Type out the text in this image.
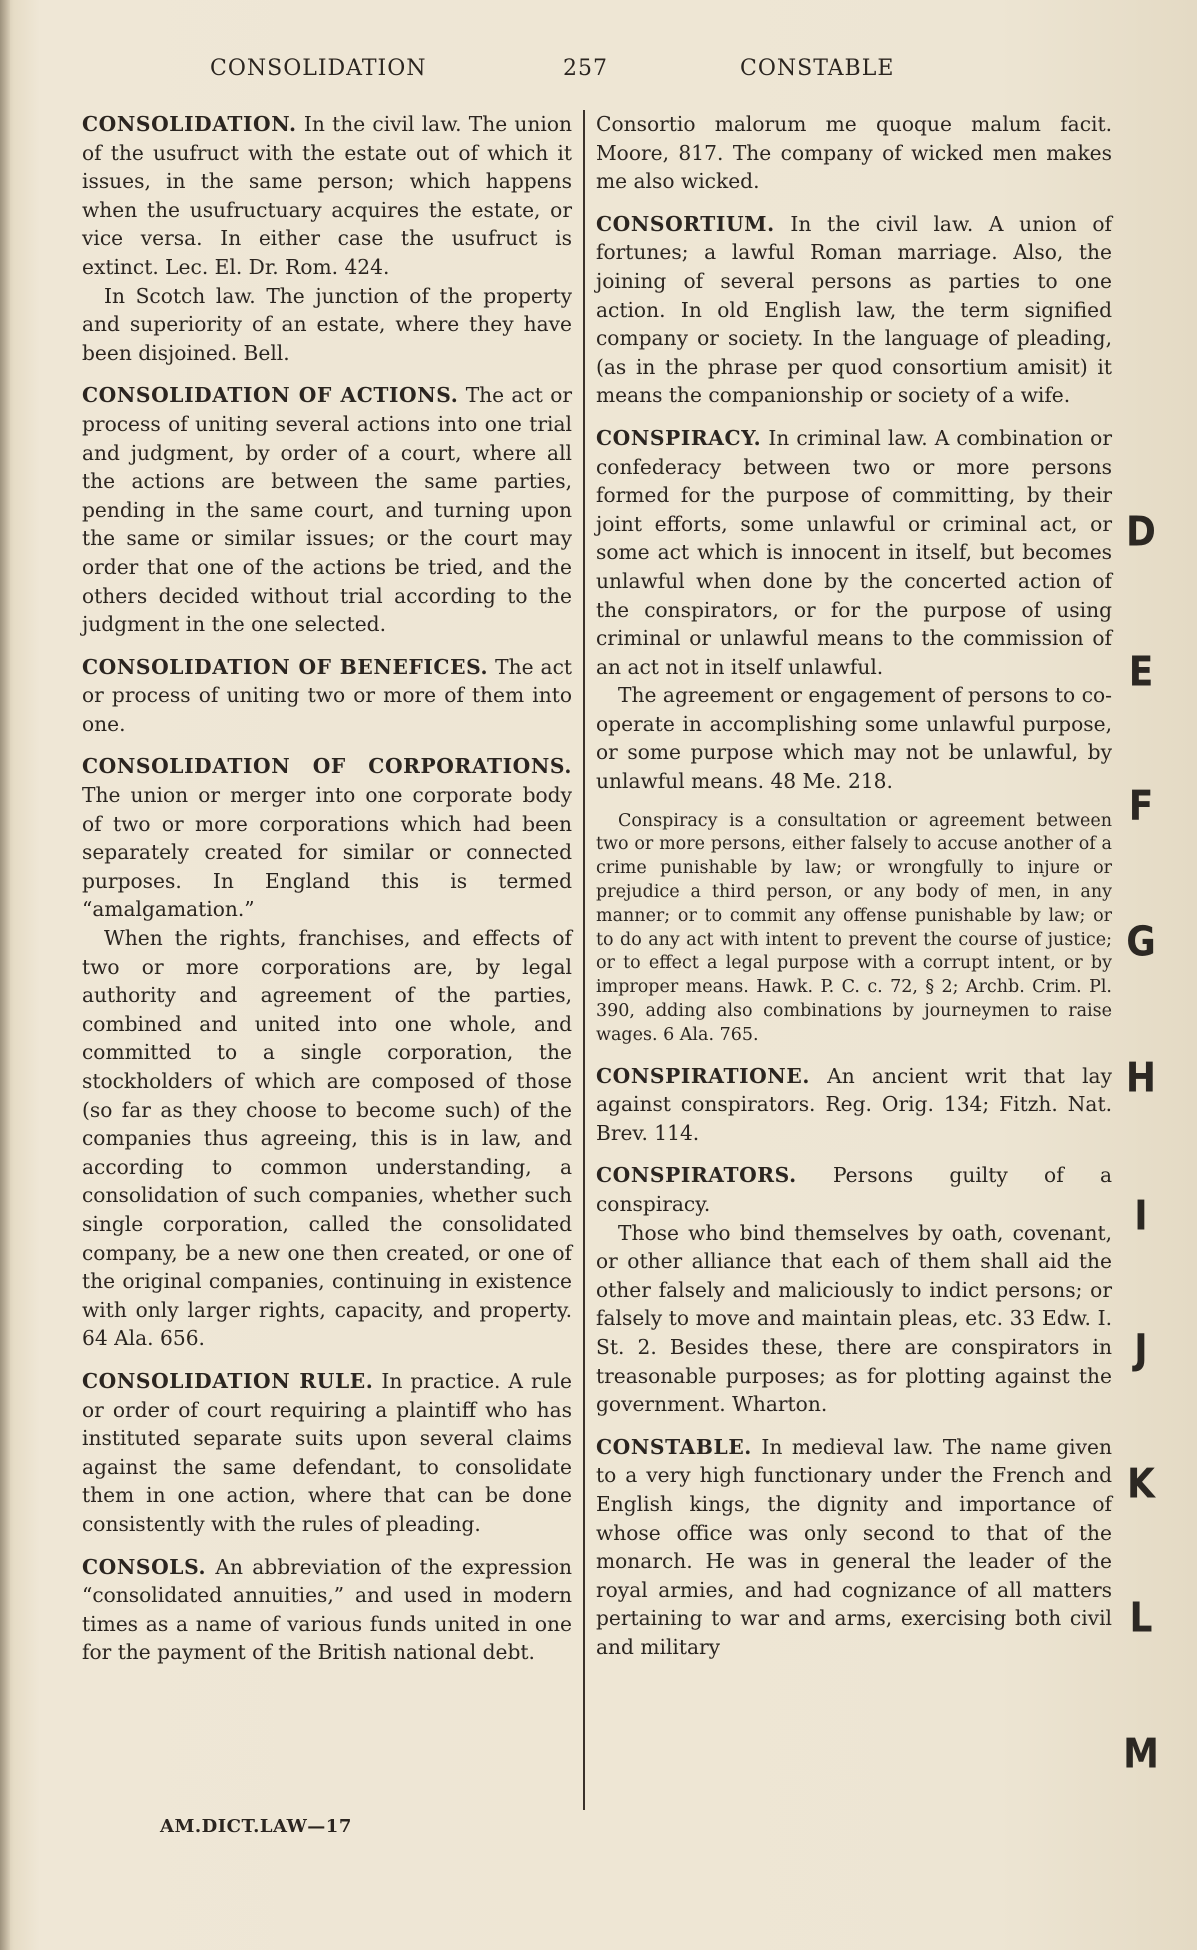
CONSOLIDATION	257	CONSTABLE

CONSOLIDATION. In the civil law. The union of the usufruct with the estate out of which it issues, in the same person; which happens when the usufructuary acquires the estate, or vice versa. In either case the usufruct is extinct. Lec. El. Dr. Rom. 424.

In Scotch law. The junction of the property and superiority of an estate, where they have been disjoined. Bell.

CONSOLIDATION OF ACTIONS. The act or process of uniting several actions into one trial and judgment, by order of a court, where all the actions are between the same parties, pending in the same court, and turning upon the same or similar issues; or the court may order that one of the actions be tried, and the others decided without trial according to the judgment in the one selected.

CONSOLIDATION OF BENEFICES. The act or process of uniting two or more of them into one.

CONSOLIDATION OF CORPORATIONS. The union or merger into one corporate body of two or more corporations which had been separately created for similar or connected purposes. In England this is termed “amalgamation.”

When the rights, franchises, and effects of two or more corporations are, by legal authority and agreement of the parties, combined and united into one whole, and committed to a single corporation, the stockholders of which are composed of those (so far as they choose to become such) of the companies thus agreeing, this is in law, and according to common understanding, a consolidation of such companies, whether such single corporation, called the consolidated company, be a new one then created, or one of the original companies, continuing in existence with only larger rights, capacity, and property. 64 Ala. 656.

CONSOLIDATION RULE. In practice. A rule or order of court requiring a plaintiff who has instituted separate suits upon several claims against the same defendant, to consolidate them in one action, where that can be done consistently with the rules of pleading.

CONSOLS. An abbreviation of the expression “consolidated annuities,” and used in modern times as a name of various funds united in one for the payment of the British national debt.

Consortio malorum me quoque malum facit. Moore, 817. The company of wicked men makes me also wicked.

CONSORTIUM. In the civil law. A union of fortunes; a lawful Roman marriage. Also, the joining of several persons as parties to one action. In old English law, the term signified company or society. In the language of pleading, (as in the phrase per quod consortium amisit) it means the companionship or society of a wife.

CONSPIRACY. In criminal law. A combination or confederacy between two or more persons formed for the purpose of committing, by their joint efforts, some unlawful or criminal act, or some act which is innocent in itself, but becomes unlawful when done by the concerted action of the conspirators, or for the purpose of using criminal or unlawful means to the commission of an act not in itself unlawful.

The agreement or engagement of persons to co-operate in accomplishing some unlawful purpose, or some purpose which may not be unlawful, by unlawful means. 48 Me. 218.

Conspiracy is a consultation or agreement between two or more persons, either falsely to accuse another of a crime punishable by law; or wrongfully to injure or prejudice a third person, or any body of men, in any manner; or to commit any offense punishable by law; or to do any act with intent to prevent the course of justice; or to effect a legal purpose with a corrupt intent, or by improper means. Hawk. P. C. c. 72, § 2; Archb. Crim. Pl. 390, adding also combinations by journeymen to raise wages. 6 Ala. 765.

CONSPIRATIONE. An ancient writ that lay against conspirators. Reg. Orig. 134; Fitzh. Nat. Brev. 114.

CONSPIRATORS. Persons guilty of a conspiracy.

Those who bind themselves by oath, covenant, or other alliance that each of them shall aid the other falsely and maliciously to indict persons; or falsely to move and maintain pleas, etc. 33 Edw. I. St. 2. Besides these, there are conspirators in treasonable purposes; as for plotting against the government. Wharton.

CONSTABLE. In medieval law. The name given to a very high functionary under the French and English kings, the dignity and importance of whose office was only second to that of the monarch. He was in general the leader of the royal armies, and had cognizance of all matters pertaining to war and arms, exercising both civil and military

AM.DICT.LAW—17
D
E
F
G
H
I
J
K
L
M
